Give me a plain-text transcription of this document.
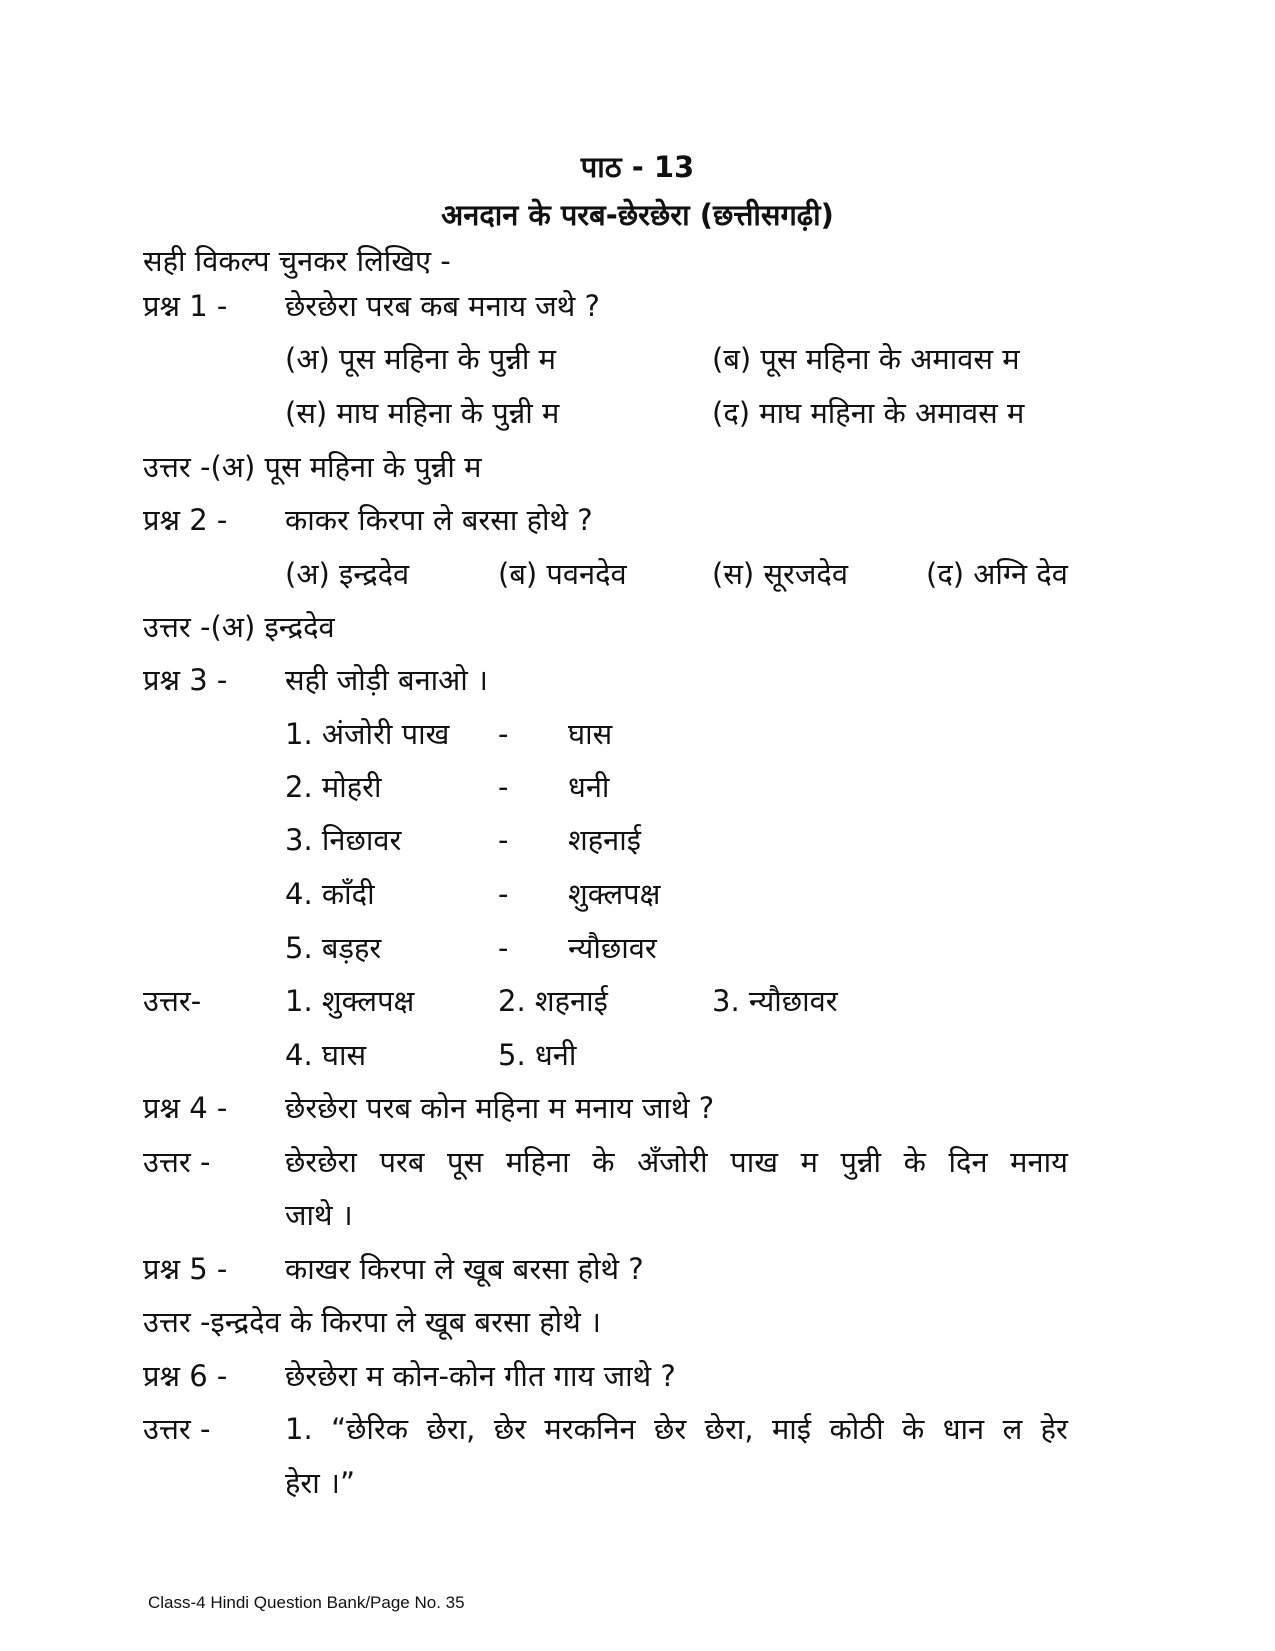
पाठ - 13
अनदान के परब-छेरछेरा (छत्तीसगढ़ी)
सही विकल्प चुनकर लिखिए -
प्रश्न 1 - छेरछेरा परब कब मनाय जथे ?
(अ) पूस महिना के पुन्नी म	(ब) पूस महिना के अमावस म
(स) माघ महिना के पुन्नी म	(द) माघ महिना के अमावस म
उत्तर -(अ) पूस महिना के पुन्नी म
प्रश्न 2 - काकर किरपा ले बरसा होथे ?
(अ) इन्द्रदेव	(ब) पवनदेव	(स) सूरजदेव	(द) अग्नि देव
उत्तर -(अ) इन्द्रदेव
प्रश्न 3 - सही जोड़ी बनाओ ।
1. अंजोरी पाख - घास
2. मोहरी	- धनी
3. निछावर	- शहनाई
4. काँदी	- शुक्लपक्ष
5. बड़हर	- न्यौछावर
उत्तर-	1. शुक्लपक्ष	2. शहनाई	3. न्यौछावर
4. घास	5. धनी
प्रश्न 4 - छेरछेरा परब कोन महिना म मनाय जाथे ?
उत्तर -	छेरछेरा परब पूस महिना के अँजोरी पाख म पुन्नी के दिन मनाय
जाथे ।
प्रश्न 5 - काखर किरपा ले खूब बरसा होथे ?
उत्तर -इन्द्रदेव के किरपा ले खूब बरसा होथे ।
प्रश्न 6 - छेरछेरा म कोन-कोन गीत गाय जाथे ?
उत्तर -	1. “छेरिक छेरा, छेर मरकनिन छेर छेरा, माई कोठी के धान ल हेर
हेरा ।”
Class-4 Hindi Question Bank/Page No. 35
